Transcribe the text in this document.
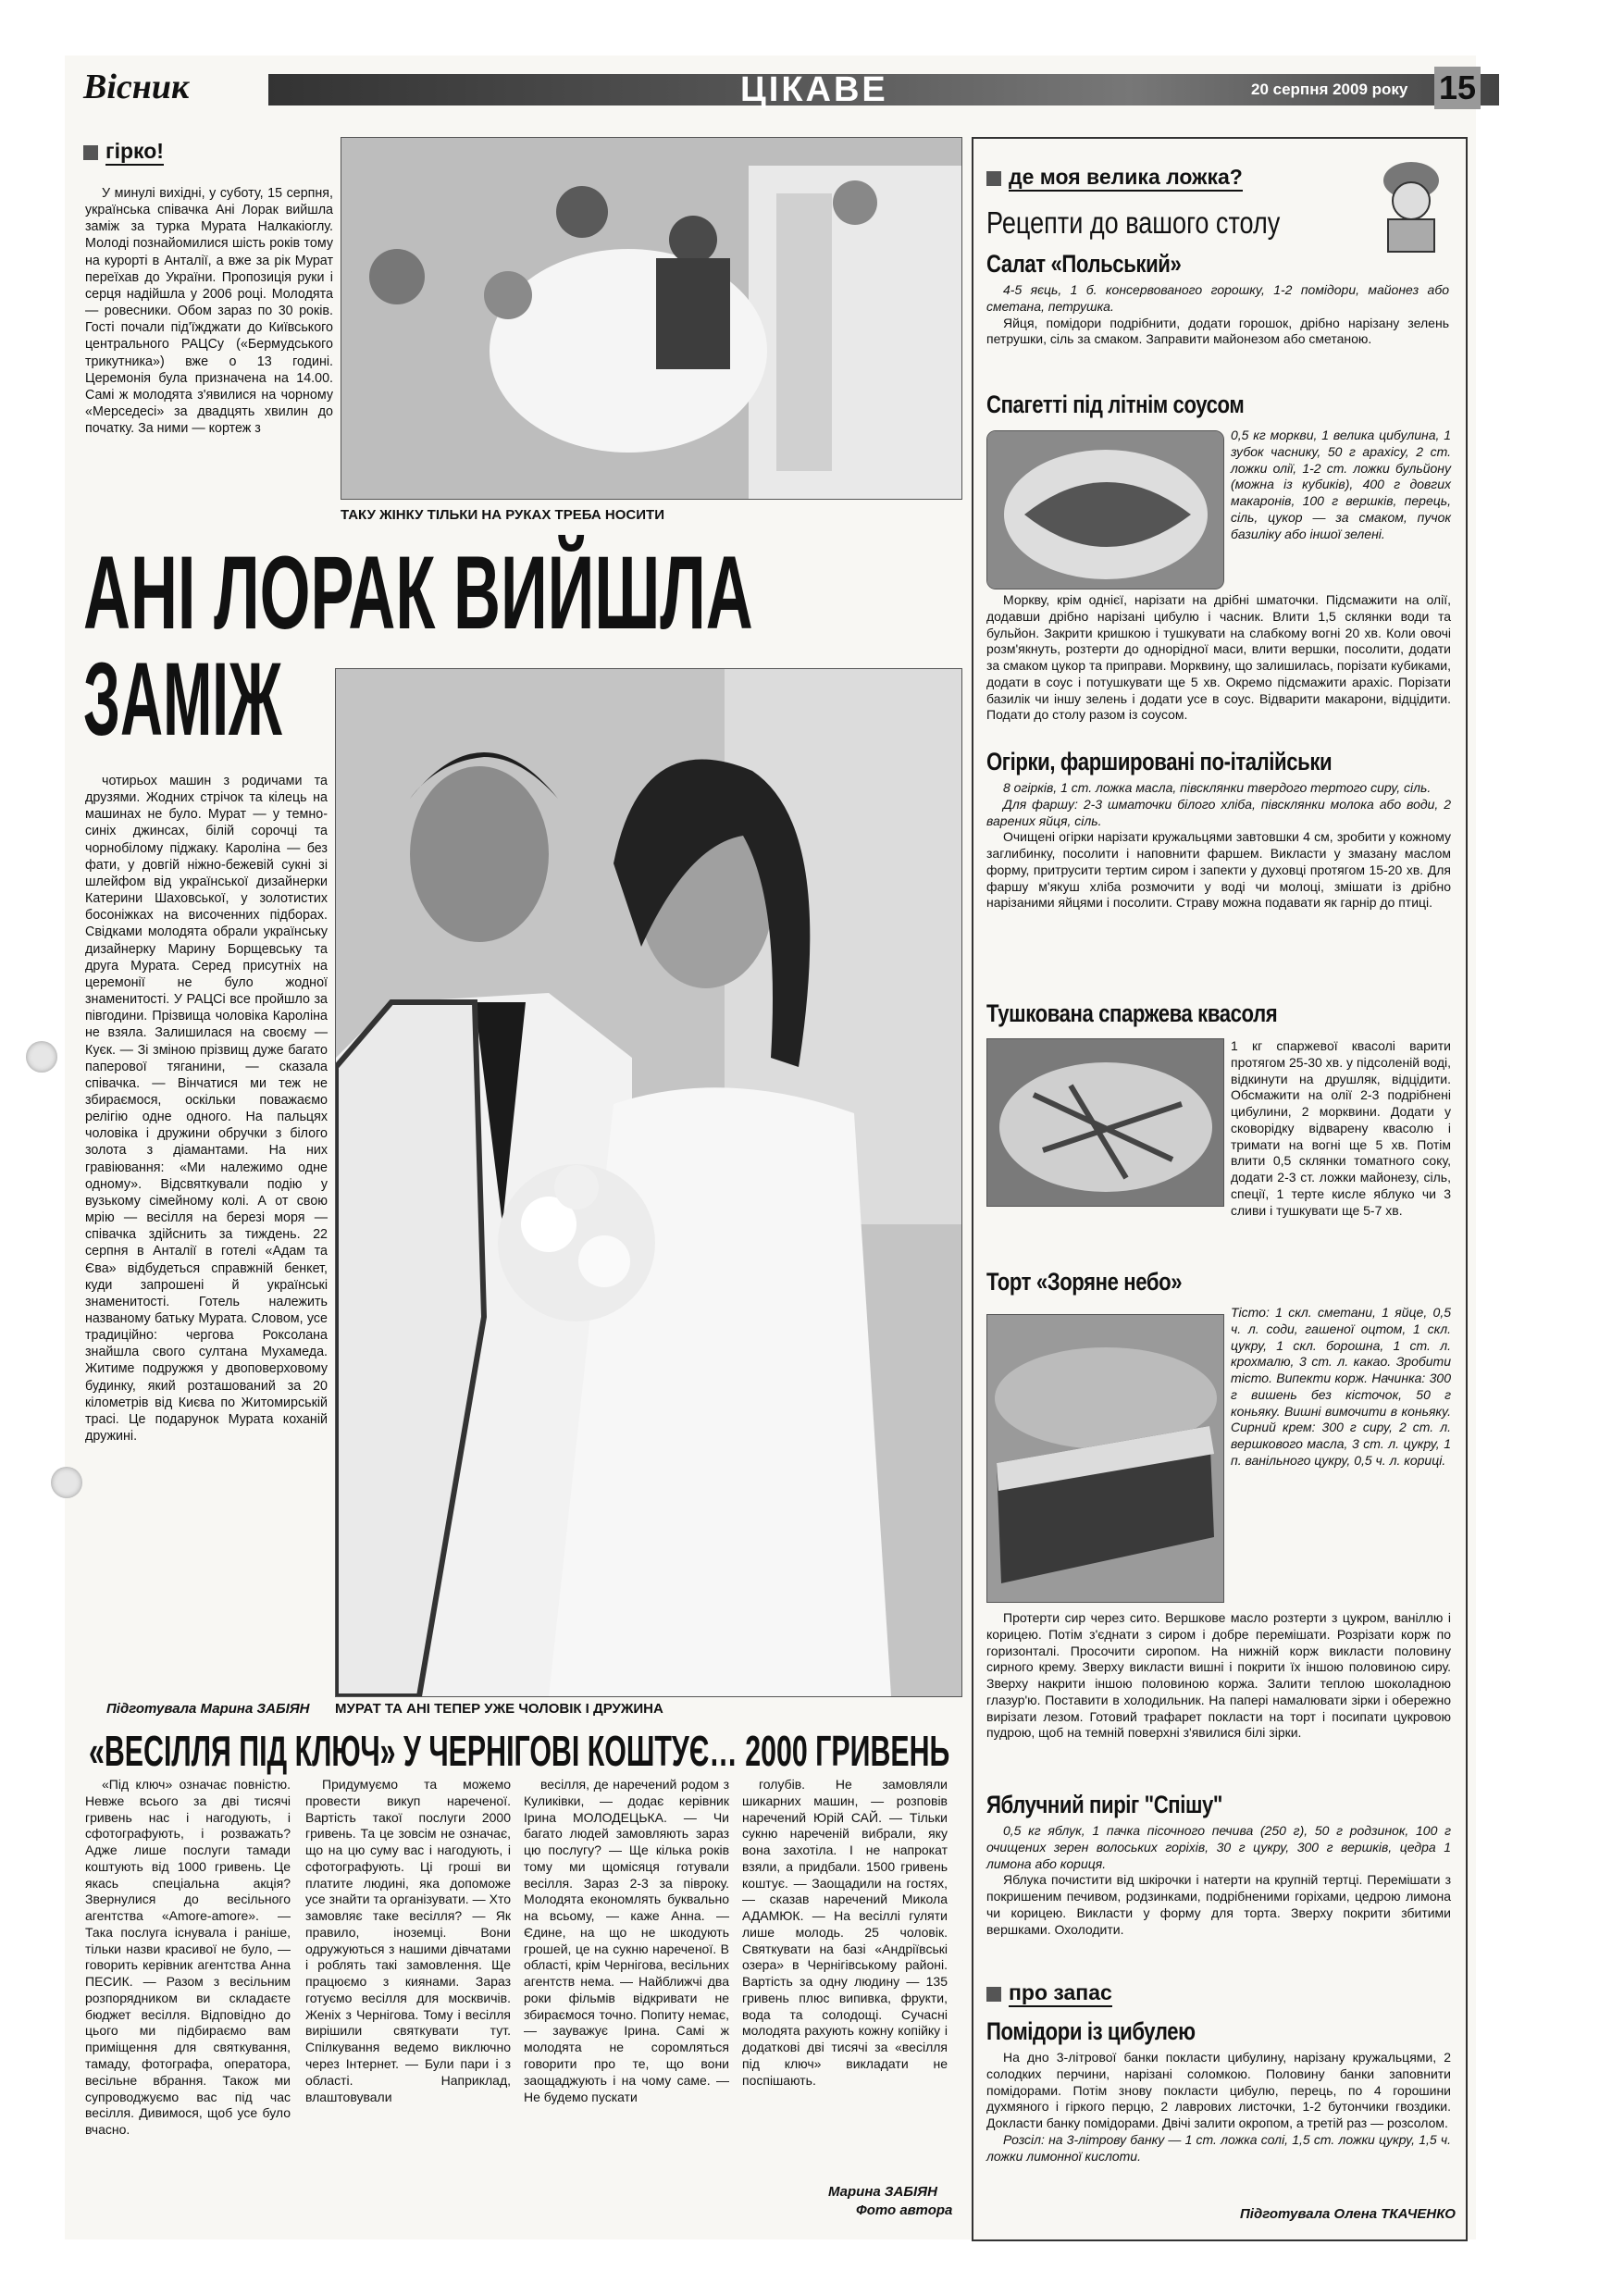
Вісник	ЦІКАВЕ	20 серпня 2009 року 15
гірко!

У минулі вихідні, у суботу, 15 серпня, українська співачка Ані Лорак вийшла заміж за турка Мурата Налкакіоглу. Молоді познайомилися шість років тому на курорті в Анталії, а вже за рік Мурат переїхав до України. Пропозиція руки і серця надійшла у 2006 році. Молодята — ровесники. Обом зараз по 30 років. Гості почали під'їжджати до Київського центрального РАЦСу («Бермудського трикутника») вже о 13 годині. Церемонія була призначена на 14.00. Самі ж молодята з'явилися на чорному «Мерседесі» за двадцять хвилин до початку. За ними — кортеж з

ТАКУ ЖІНКУ ТІЛЬКИ НА РУКАХ ТРЕБА НОСИТИ
АНІ ЛОРАК ВИЙШЛА
ЗАМІЖ

чотирьох машин з родичами та друзями. Жодних стрічок та кілець на машинах не було. Мурат — у темно-синіх джинсах, білій сорочці та чорнобілому піджаку. Кароліна — без фати, у довгій ніжно-бежевій сукні зі шлейфом від української дизайнерки Катерини Шаховської, у золотистих босоніжках на височенних підборах. Свідками молодята обрали українську дизайнерку Марину Борщевську та друга Мурата. Серед присутніх на церемонії не було жодної знаменитості. У РАЦСі все пройшло за півгодини. Прізвища чоловіка Кароліна не взяла. Залишилася на своєму — Куєк. — Зі зміною прізвищ дуже багато паперової тяганини, — сказала співачка. — Вінчатися ми теж не збираємося, оскільки поважаємо релігію одне одного. На пальцях чоловіка і дружини обручки з білого золота з діамантами. На них гравіювання: «Ми належимо одне одному». Відсвяткували подію у вузькому сімейному колі. А от свою мрію — весілля на березі моря — співачка здійснить за тиждень. 22 серпня в Анталії в готелі «Адам та Єва» відбудеться справжній бенкет, куди запрошені й українські знаменитості. Готель належить названому батьку Мурата. Словом, усе традиційно: чергова Роксолана знайшла свого султана Мухамеда. Житиме подружжя у двоповерховому будинку, який розташований за 20 кілометрів від Києва по Житомирській трасі. Це подарунок Мурата коханій дружині.

Підготувала Марина ЗАБІЯН МУРАТ ТА АНІ ТЕПЕР УЖЕ ЧОЛОВІК І ДРУЖИНА
«ВЕСІЛЛЯ ПІД КЛЮЧ» У ЧЕРНІГОВІ КОШТУЄ… 2000 ГРИВЕНЬ

«Під ключ» означає повністю. Невже всього за дві тисячі гривень нас і нагодують, і сфотографують, і розважать? Адже лише послуги тамади коштують від 1000 гривень. Це якась спеціальна акція? Звернулися до весільного агентства «Amore-amore». — Така послуга існувала і раніше, тільки назви красивої не було, — говорить керівник агентства Анна ПЕСИК. — Разом з весільним розпорядником ви складаєте бюджет весілля. Відповідно до цього ми підбираємо вам приміщення для святкування, тамаду, фотографа, оператора, весільне вбрання. Також ми супроводжуємо вас під час весілля. Дивимося, щоб усе було вчасно.

Придумуємо та можемо провести викуп нареченої. Вартість такої послуги 2000 гривень. Та це зовсім не означає, що на цю суму вас і нагодують, і сфотографують. Ці гроші ви платите людині, яка допоможе усе знайти та організувати. — Хто замовляє таке весілля? — Як правило, іноземці. Вони одружуються з нашими дівчатами і роблять такі замовлення. Ще працюємо з киянами. Зараз готуємо весілля для москвичів. Женix з Чернігова. Тому і весілля вирішили святкувати тут. Спілкування ведемо виключно через Інтернет. — Були пари і з області. Наприклад, влаштовували

весілля, де наречений родом з Куликівки, — додає керівник Ірина МОЛОДЕЦЬКА. — Чи багато людей замовляють зараз цю послугу? — Ще кілька років тому ми щомісяця готували весілля. Зараз 2-3 за півроку. Молодята економлять буквально на всьому, — каже Анна. — Єдине, на що не шкодують грошей, це на сукню нареченої. В області, крім Чернігова, весільних агентств нема. — Найближчі два роки фільмів відкривати не збираємося точно. Попиту немає, — зауважує Ірина. Самі ж молодята не соромляться говорити про те, що вони заощаджують і на чому саме. — Не будемо пускати

голубів. Не замовляли шикарних машин, — розповів наречений Юрій САЙ. — Тільки сукню нареченій вибрали, яку вона захотіла. І не напрокат взяли, а придбали. 1500 гривень коштує. — Заощадили на гостях, — сказав наречений Микола АДАМЮК. — На весіллі гуляти лише молодь. 25 чоловік. Святкувати на базі «Андріївські озера» в Чернігівському районі. Вартість за одну людину — 135 гривень плюс випивка, фрукти, вода та солодощі. Сучасні молодята рахують кожну копійку і додаткові дві тисячі за «весілля під ключ» викладати не поспішають.

Марина ЗАБІЯН
Фото автора
де моя велика ложка?
Рецепти до вашого столу
Салат «Польський»
4-5 яєць, 1 б. консервованого горошку, 1-2 помідори, майонез або сметана, петрушка.
Яйця, помідори подрібнити, додати горошок, дрібно нарізану зелень петрушки, сіль за смаком. Заправити майонезом або сметаною.
Спагетті під літнім соусом
0,5 кг моркви, 1 велика цибулина, 1 зубок часнику, 50 г арахісу, 2 ст. ложки олії, 1-2 ст. ложки бульйону (можна із кубиків), 400 г довгих макаронів, 100 г вершків, перець, сіль, цукор — за смаком, пучок базиліку або іншої зелені.
Моркву, крім однієї, нарізати на дрібні шматочки. Підсмажити на олії, додавши дрібно нарізані цибулю і часник. Влити 1,5 склянки води та бульйон. Закрити кришкою і тушкувати на слабкому вогні 20 хв. Коли овочі розм'якнуть, розтерти до однорідної маси, влити вершки, посолити, додати за смаком цукор та приправи. Морквину, що залишилась, порізати кубиками, додати в соус і потушкувати ще 5 хв. Окремо підсмажити арахіс. Порізати базилік чи іншу зелень і додати усе в соус. Відварити макарони, відцідити. Подати до столу разом із соусом.
Огірки, фаршировані по-італійськи
8 огірків, 1 ст. ложка масла, півсклянки твердого тертого сиру, сіль.
Для фаршу: 2-3 шматочки білого хліба, півсклянки молока або води, 2 варених яйця, сіль.
Очищені огірки нарізати кружальцями завтовшки 4 см, зробити у кожному заглибинку, посолити і наповнити фаршем. Викласти у змазану маслом форму, притрусити тертим сиром і запекти у духовці протягом 15-20 хв. Для фаршу м'якуш хліба розмочити у воді чи молоці, змішати із дрібно нарізаними яйцями і посолити. Страву можна подавати як гарнір до птиці.
Тушкована спаржева квасоля
1 кг спаржевої квасолі варити протягом 25-30 хв. у підсоленій воді, відкинути на друшляк, відцідити. Обсмажити на олії 2-3 подрібнені цибулини, 2 морквини. Додати у сковорідку відварену квасолю і тримати на вогні ще 5 хв. Потім влити 0,5 склянки томатного соку, додати 2-3 ст. ложки майонезу, сіль, спеції, 1 терте кисле яблуко чи 3 сливи і тушкувати ще 5-7 хв.
Торт «Зоряне небо»
Тісто: 1 скл. сметани, 1 яйце, 0,5 ч. л. соди, гашеної оцтом, 1 скл. цукру, 1 скл. борошна, 1 ст. л. крохмалю, 3 ст. л. какао. Зробити тісто. Випекти корж. Начинка: 300 г вишень без кісточок, 50 г коньяку. Вишні вимочити в коньяку. Сирний крем: 300 г сиру, 2 ст. л. вершкового масла, 3 ст. л. цукру, 1 п. ванільного цукру, 0,5 ч. л. кориці.
Протерти сир через сито. Вершкове масло розтерти з цукром, ваніллю і корицею. Потім з'єднати з сиром і добре перемішати. Розрізати корж по горизонталі. Просочити сиропом. На нижній корж викласти половину сирного крему. Зверху викласти вишні і покрити їх іншою половиною сиру. Зверху накрити іншою половиною коржа. Залити теплою шоколадною глазур'ю. Поставити в холодильник. На папері намалювати зірки і обережно вирізати лезом. Готовий трафарет покласти на торт і посипати цукровою пудрою, щоб на темній поверхні з'явилися білі зірки.
Яблучний пиріг "Спішу"
0,5 кг яблук, 1 пачка пісочного печива (250 г), 50 г родзинок, 100 г очищених зерен волоських горіхів, 30 г цукру, 300 г вершків, цедра 1 лимона або кориця.
Яблука почистити від шкірочки і натерти на крупній тертці. Перемішати з покришеним печивом, родзинками, подрібненими горіхами, цедрою лимона чи корицею. Викласти у форму для торта. Зверху покрити збитими вершками. Охолодити.
про запас
Помідори із цибулею
На дно 3-літрової банки покласти цибулину, нарізану кружальцями, 2 солодких перчини, нарізані соломкою. Половину банки заповнити помідорами. Потім знову покласти цибулю, перець, по 4 горошини духмяного і гіркого перцю, 2 лаврових листочки, 1-2 бутончики гвоздики. Докласти банку помідорами. Двічі залити окропом, а третій раз — розсолом.
Розсіл: на 3-літрову банку — 1 ст. ложка солі, 1,5 ст. ложки цукру, 1,5 ч. ложки лимонної кислоти.
Підготувала Олена ТКАЧЕНКО
